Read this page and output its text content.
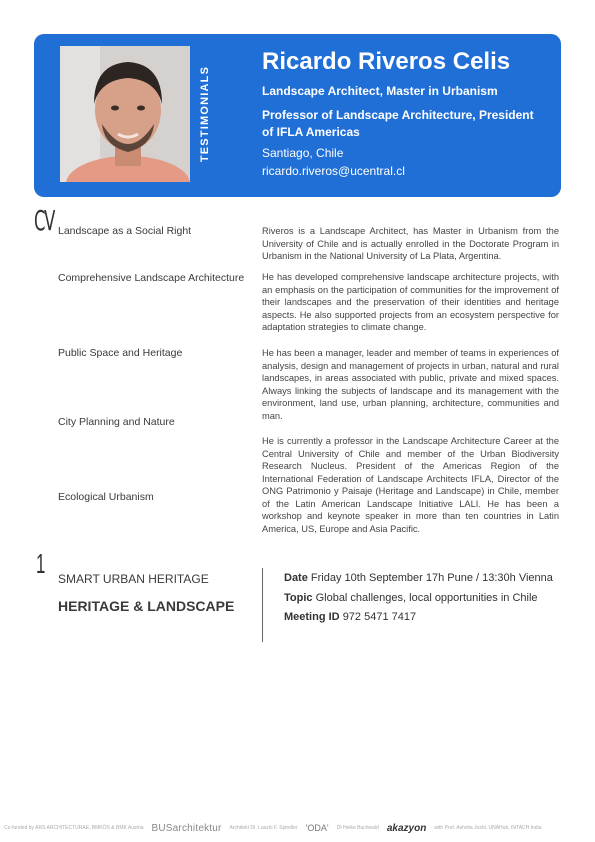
TESTIMONIALS
Ricardo Riveros Celis
Landscape Architect, Master in Urbanism
Professor of Landscape Architecture, President of IFLA Americas
Santiago, Chile
ricardo.riveros@ucentral.cl
CV Landscape as a Social Right
Comprehensive Landscape Architecture
Public Space and Heritage
City Planning and Nature
Ecological Urbanism
Riveros is a Landscape Architect, has Master in Urbanism from the University of Chile and is actually enrolled in the Doctorate Program in Urbanism in the National University of La Plata, Argentina.
He has developed comprehensive landscape architecture projects, with an emphasis on the participation of communities for the improvement of their landscapes and the preservation of their identities and heritage aspects. He also supported projects from an ecosystem perspective for adaptation strategies to climate change.
He has been a manager, leader and member of teams in experiences of analysis, design and management of projects in urban, natural and rural landscapes, in areas associated with public, private and mixed spaces. Always linking the subjects of landscape and its management with the environment, land use, urban planning, architecture, communities and man.
He is currently a professor in the Landscape Architecture Career at the Central University of Chile and member of the Urban Biodiversity Research Nucleus. President of the Americas Region of the International Federation of Landscape Architects IFLA, Director of the ONG Patrimonio y Paisaje (Heritage and Landscape) in Chile, member of the Latin American Landscape Initiative LALI. He has been a workshop and keynote speaker in more than ten countries in Latin America, US, Europe and Asia Pacific.
1 SMART URBAN HERITAGE
HERITAGE & LANDSCAPE
Date Friday 10th September 17h Pune / 13:30h Vienna
Topic Global challenges, local opportunities in Chile
Meeting ID 972 5471 7417
Co-funded by ARS ARCHITECTURAE, BMKÖS & BMK Austria BUSarchitektur Architekt DI. Laszlo F. Spindler 'ODA' DI Heike Buchwald akazyon with Prof. Ashvita Joshi, UNAHub, INTACH India
